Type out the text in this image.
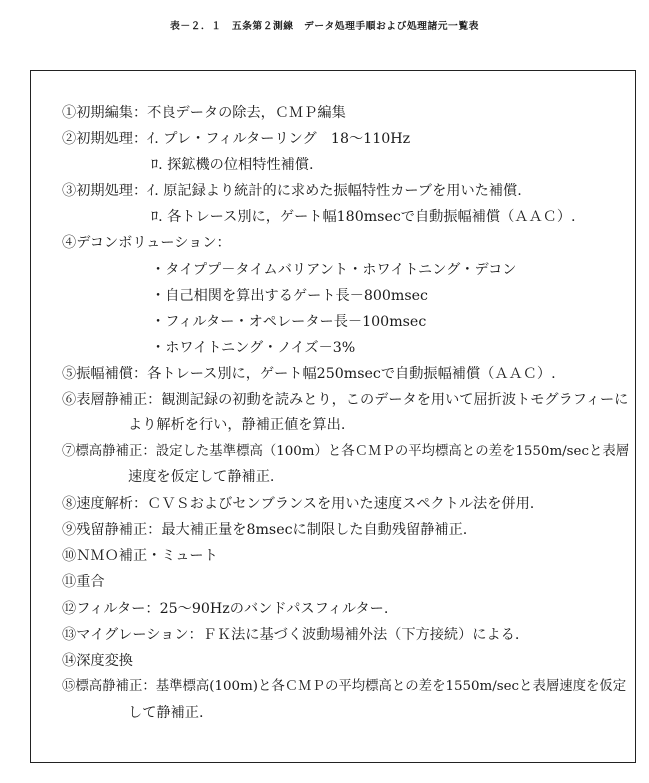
表－２．１　五条第２測線　データ処理手順および処理諸元一覧表
①初期編集：不良データの除去，ＣＭＰ編集
②初期処理：ｲ. プレ・フィルターリング　18～110Hz
ﾛ. 探鉱機の位相特性補償.
③初期処理：ｲ. 原記録より統計的に求めた振幅特性カーブを用いた補償.
ﾛ. 各トレース別に，ゲート幅180msecで自動振幅補償（ＡＡＣ）.
④デコンボリューション：
・タイププ－タイムバリアント・ホワイトニング・デコン
・自己相関を算出するゲート長－800msec
・フィルター・オペレーター長－100msec
・ホワイトニング・ノイズ－3%
⑤振幅補償：各トレース別に，ゲート幅250msecで自動振幅補償（ＡＡＣ）.
⑥表層静補正：観測記録の初動を読みとり，このデータを用いて屈折波トモグラフィーに
より解析を行い，静補正値を算出.
⑦標高静補正：設定した基準標高（100m）と各ＣＭＰの平均標高との差を1550m/secと表層
速度を仮定して静補正.
⑧速度解析：ＣＶＳおよびセンブランスを用いた速度スペクトル法を併用.
⑨残留静補正：最大補正量を8msecに制限した自動残留静補正.
⑩ＮＭＯ補正・ミュート
⑪重合
⑫フィルター：25～90Hzのバンドパスフィルター.
⑬マイグレーション：ＦＫ法に基づく波動場補外法（下方接続）による.
⑭深度変換
⑮標高静補正：基準標高(100m)と各ＣＭＰの平均標高との差を1550m/secと表層速度を仮定
して静補正.
